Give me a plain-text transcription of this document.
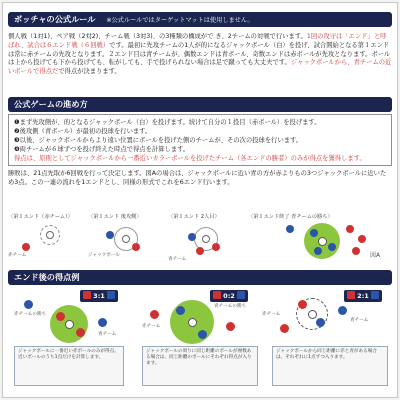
ボッチャの公式ルール ※公式ルールではターゲットマットは使用しません。
個人戦（1対1)、ペア戦（2対2)、チーム戦（3対3)、の3種類の構成がで き、2チームの対戦で行います。1回の攻守は「エンド」と呼ばれ、試合は６エンド戦（６回戦）です。最初に先攻チームの1人が的になるジャックボール（白）を投げ、試合開始となる第１エンドは常に赤チームの先攻となります。２エンド目は青チームが、偶数エンドは青ボール、奇数エンドは赤ボールが先攻となります。ボールは上から投げても下から投げても、転がしても、手で投げられない場合は足で蹴っても大丈夫です。ジャックボールから、青チームの近いボールで得点だで得点が決まります。
公式ゲームの進め方
❶まず先攻側が、的となるジャックボール（白）を投げます。続けて自分の１投目（赤ボール）を投げます。
❷後攻側（青ボール）が最初の投球を行います。
❸以後、ジャックボールからより遠い位置にボールを投げた側のチームが、その次の投球を行います。
❹両チームが６球ずつを投げ終えた時点で得点を計算します。
得点は、原則としてジャックボールから一番近いカラーボールを投げたチーム（各エンドの勝者）のみが得点を獲得します。
勝敗は、21点先取か6回戦を行って決定します。図Aの場合は、ジャックボールに近い青の方が赤よりもの3つジャックボールに近いため3点。この一連の流れを1エンドとし、同様の形式でこれを6エンド行います。
〈第１エンド（赤チーム）〉
赤チーム
〈第１エンド 後攻側〉
ジャックボール
〈第１エンド 2人目〉
青チーム
〈第１エンド終了 青チームの勝ち〉
図A
エンド後の得点例
3:1
赤チームの勝ち
青チーム
0:2
赤チーム
青チームの勝ち
2:1
赤チーム
青チーム
ジャックボールに一番近い赤ボールのみが得点。近いボールのうち1点だけを計算します。
ジャックボールの周りに同じ距離のボールが複数ある場合は、同じ距離のボールにそれぞれ得点が入ります。
ジャックボールから同じ距離に赤と青がある場合は、それぞれに1点ずつ入ります。
